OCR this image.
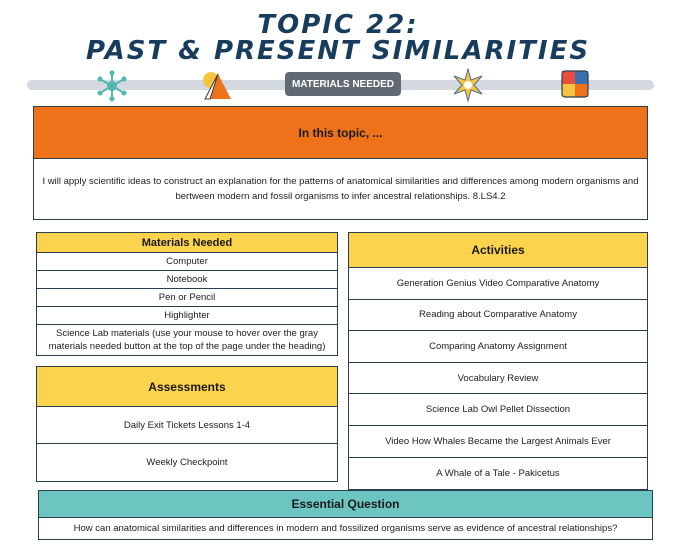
TOPIC 22:
PAST & PRESENT SIMILARITIES
MATERIALS NEEDED
In this topic, ...
I will apply scientific ideas to construct an explanation for the patterns of anatomical similarities and differences among modern organisms and bertween modern and fossil organisms to infer ancestral relationships. 8.LS4.2
Materials Needed
Computer
Notebook
Pen or Pencil
Highlighter
Science Lab materials (use your mouse to hover over the gray materials needed button at the top of the page under the heading)
Assessments
Daily Exit Tickets Lessons 1-4
Weekly Checkpoint
Activities
Generation Genius Video Comparative Anatomy
Reading about Comparative Anatomy
Comparing Anatomy Assignment
Vocabulary Review
Science Lab Owl Pellet Dissection
Video How Whales Became the Largest Animals Ever
A Whale of a Tale - Pakicetus
Essential Question
How can anatomical similarities and differences in modern and fossilized organisms serve as evidence of ancestral relationships?
